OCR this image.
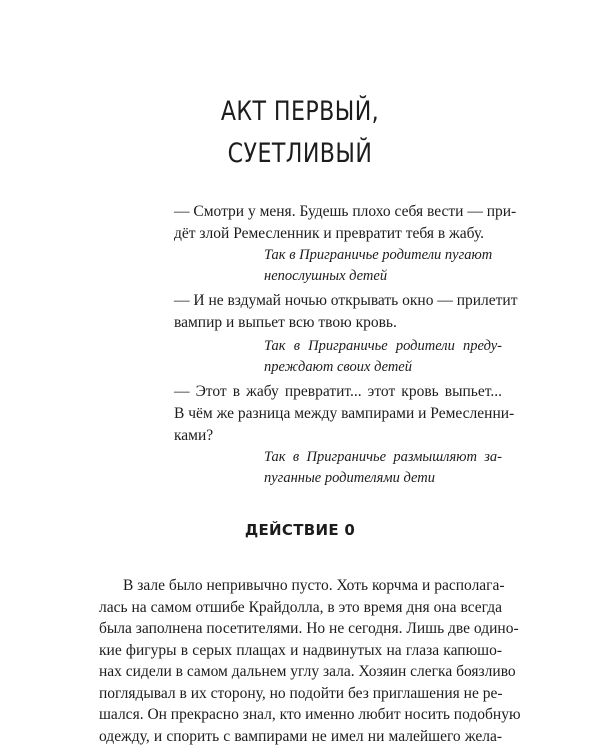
АКТ ПЕРВЫЙ,
СУЕТЛИВЫЙ
— Смотри у меня. Будешь плохо себя вести — при-
дёт злой Ремесленник и превратит тебя в жабу.
Так в Приграничье родители пугают
непослушных детей
— И не вздумай ночью открывать окно — прилетит
вампир и выпьет всю твою кровь.
Так в Приграничье родители преду-
преждают своих детей
— Этот в жабу превратит... этот кровь выпьет...
В чём же разница между вампирами и Ремесленни-
ками?
Так в Приграничье размышляют за-
пуганные родителями дети
ДЕЙСТВИЕ 0
В зале было непривычно пусто. Хоть корчма и располага-
лась на самом отшибе Крайдолла, в это время дня она всегда
была заполнена посетителями. Но не сегодня. Лишь две одино-
кие фигуры в серых плащах и надвинутых на глаза капюшо-
нах сидели в самом дальнем углу зала. Хозяин слегка боязливо
поглядывал в их сторону, но подойти без приглашения не ре-
шался. Он прекрасно знал, кто именно любит носить подобную
одежду, и спорить с вампирами не имел ни малейшего жела-
